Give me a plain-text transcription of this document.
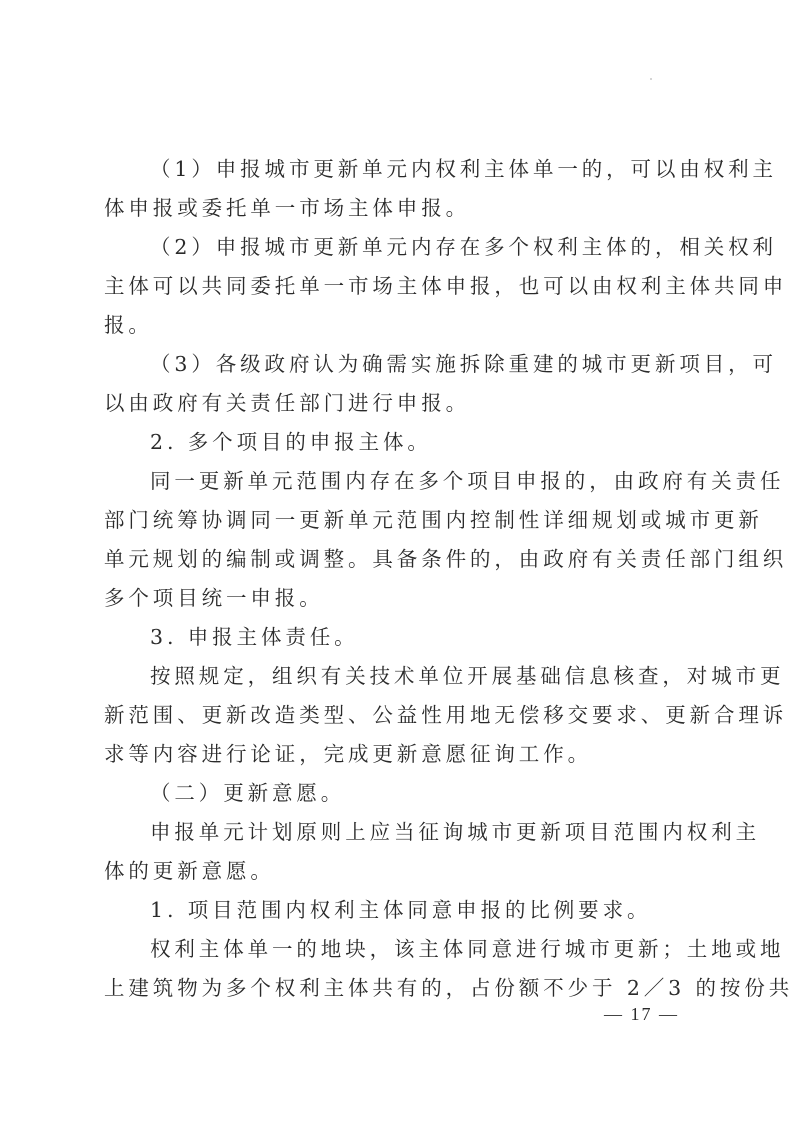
（1）申报城市更新单元内权利主体单一的，可以由权利主
体申报或委托单一市场主体申报。
（2）申报城市更新单元内存在多个权利主体的，相关权利
主体可以共同委托单一市场主体申报，也可以由权利主体共同申
报。
（3）各级政府认为确需实施拆除重建的城市更新项目，可
以由政府有关责任部门进行申报。
2. 多个项目的申报主体。
同一更新单元范围内存在多个项目申报的，由政府有关责任
部门统筹协调同一更新单元范围内控制性详细规划或城市更新
单元规划的编制或调整。具备条件的，由政府有关责任部门组织
多个项目统一申报。
3. 申报主体责任。
按照规定，组织有关技术单位开展基础信息核查，对城市更
新范围、更新改造类型、公益性用地无偿移交要求、更新合理诉
求等内容进行论证，完成更新意愿征询工作。
（二）更新意愿。
申报单元计划原则上应当征询城市更新项目范围内权利主
体的更新意愿。
1. 项目范围内权利主体同意申报的比例要求。
权利主体单一的地块，该主体同意进行城市更新；土地或地
上建筑物为多个权利主体共有的，占份额不少于 2／3 的按份共
— 17 —
